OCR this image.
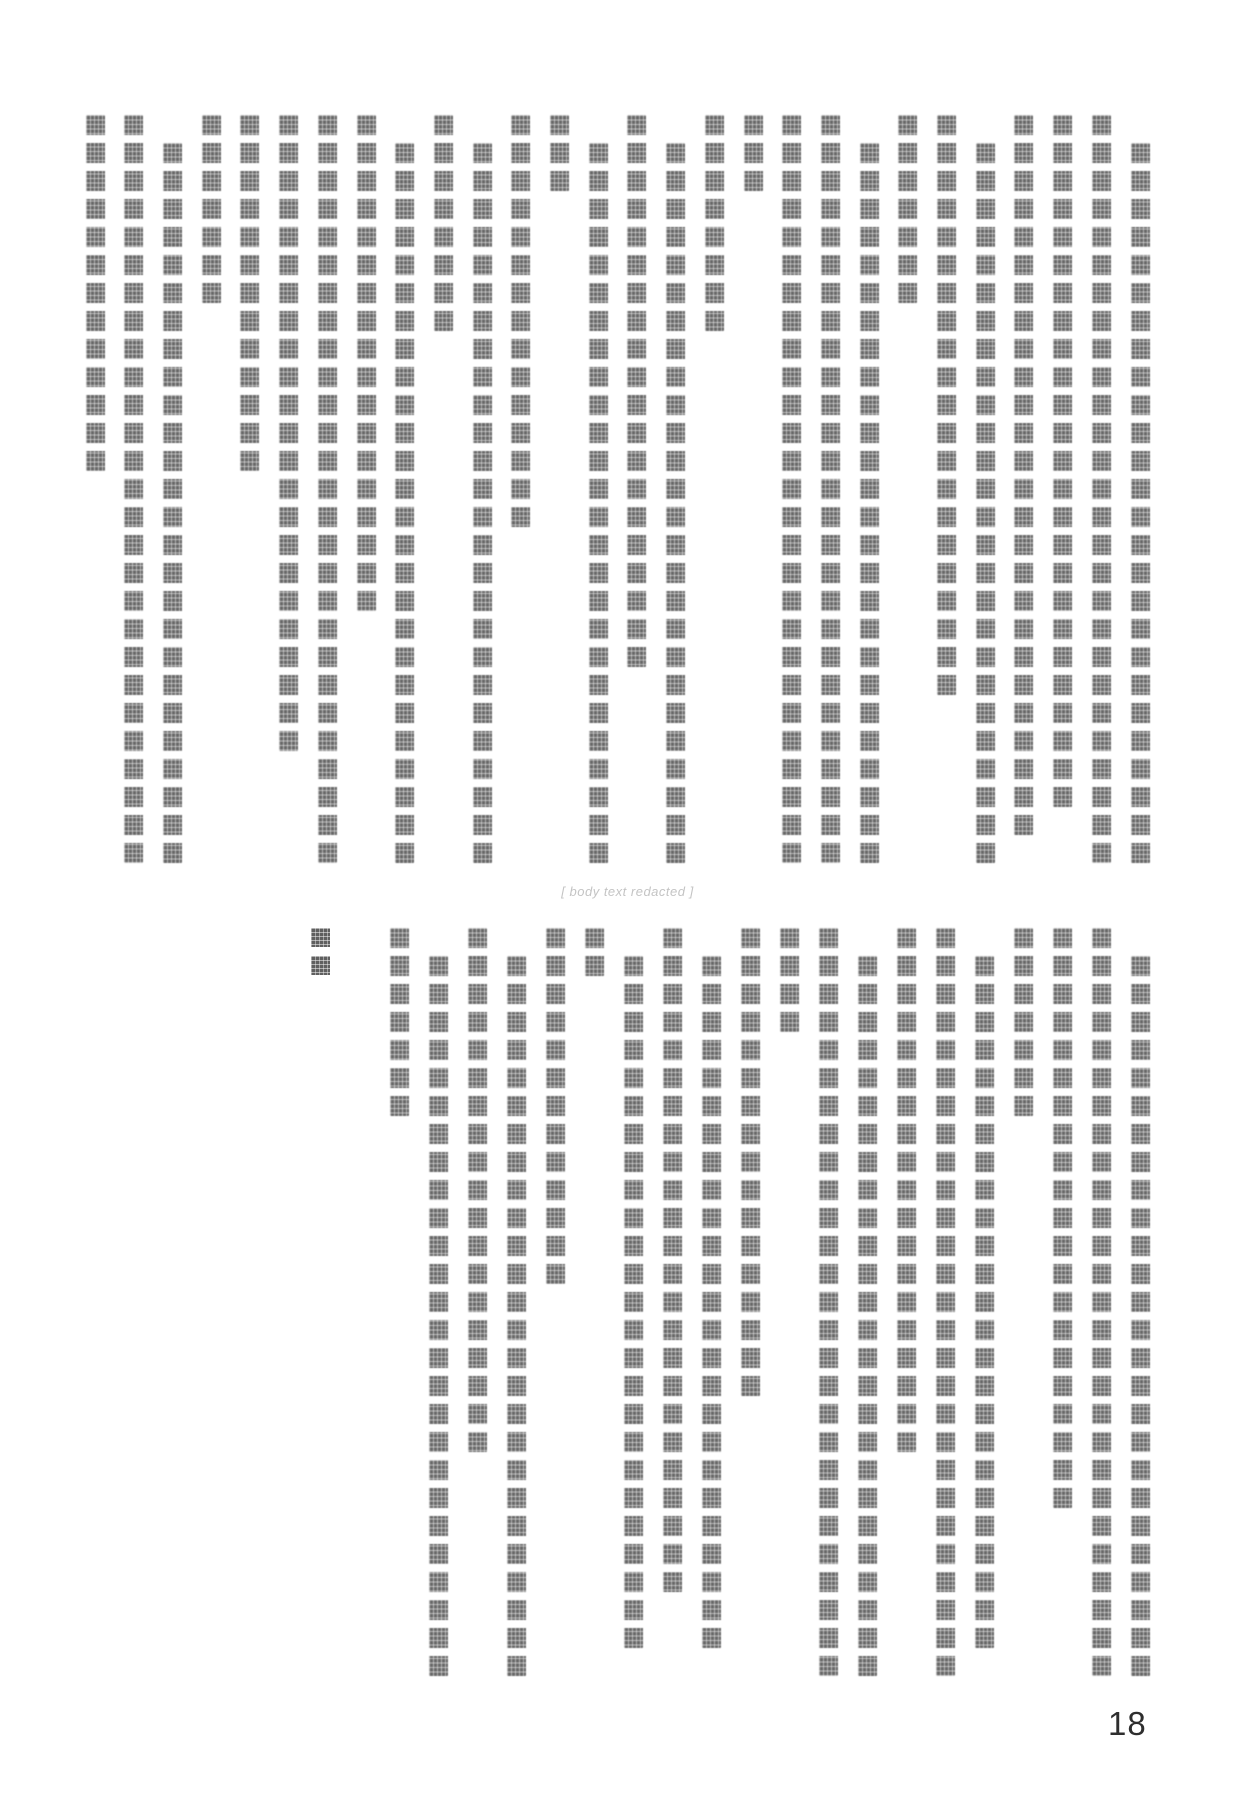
[ body text redacted ]
18
